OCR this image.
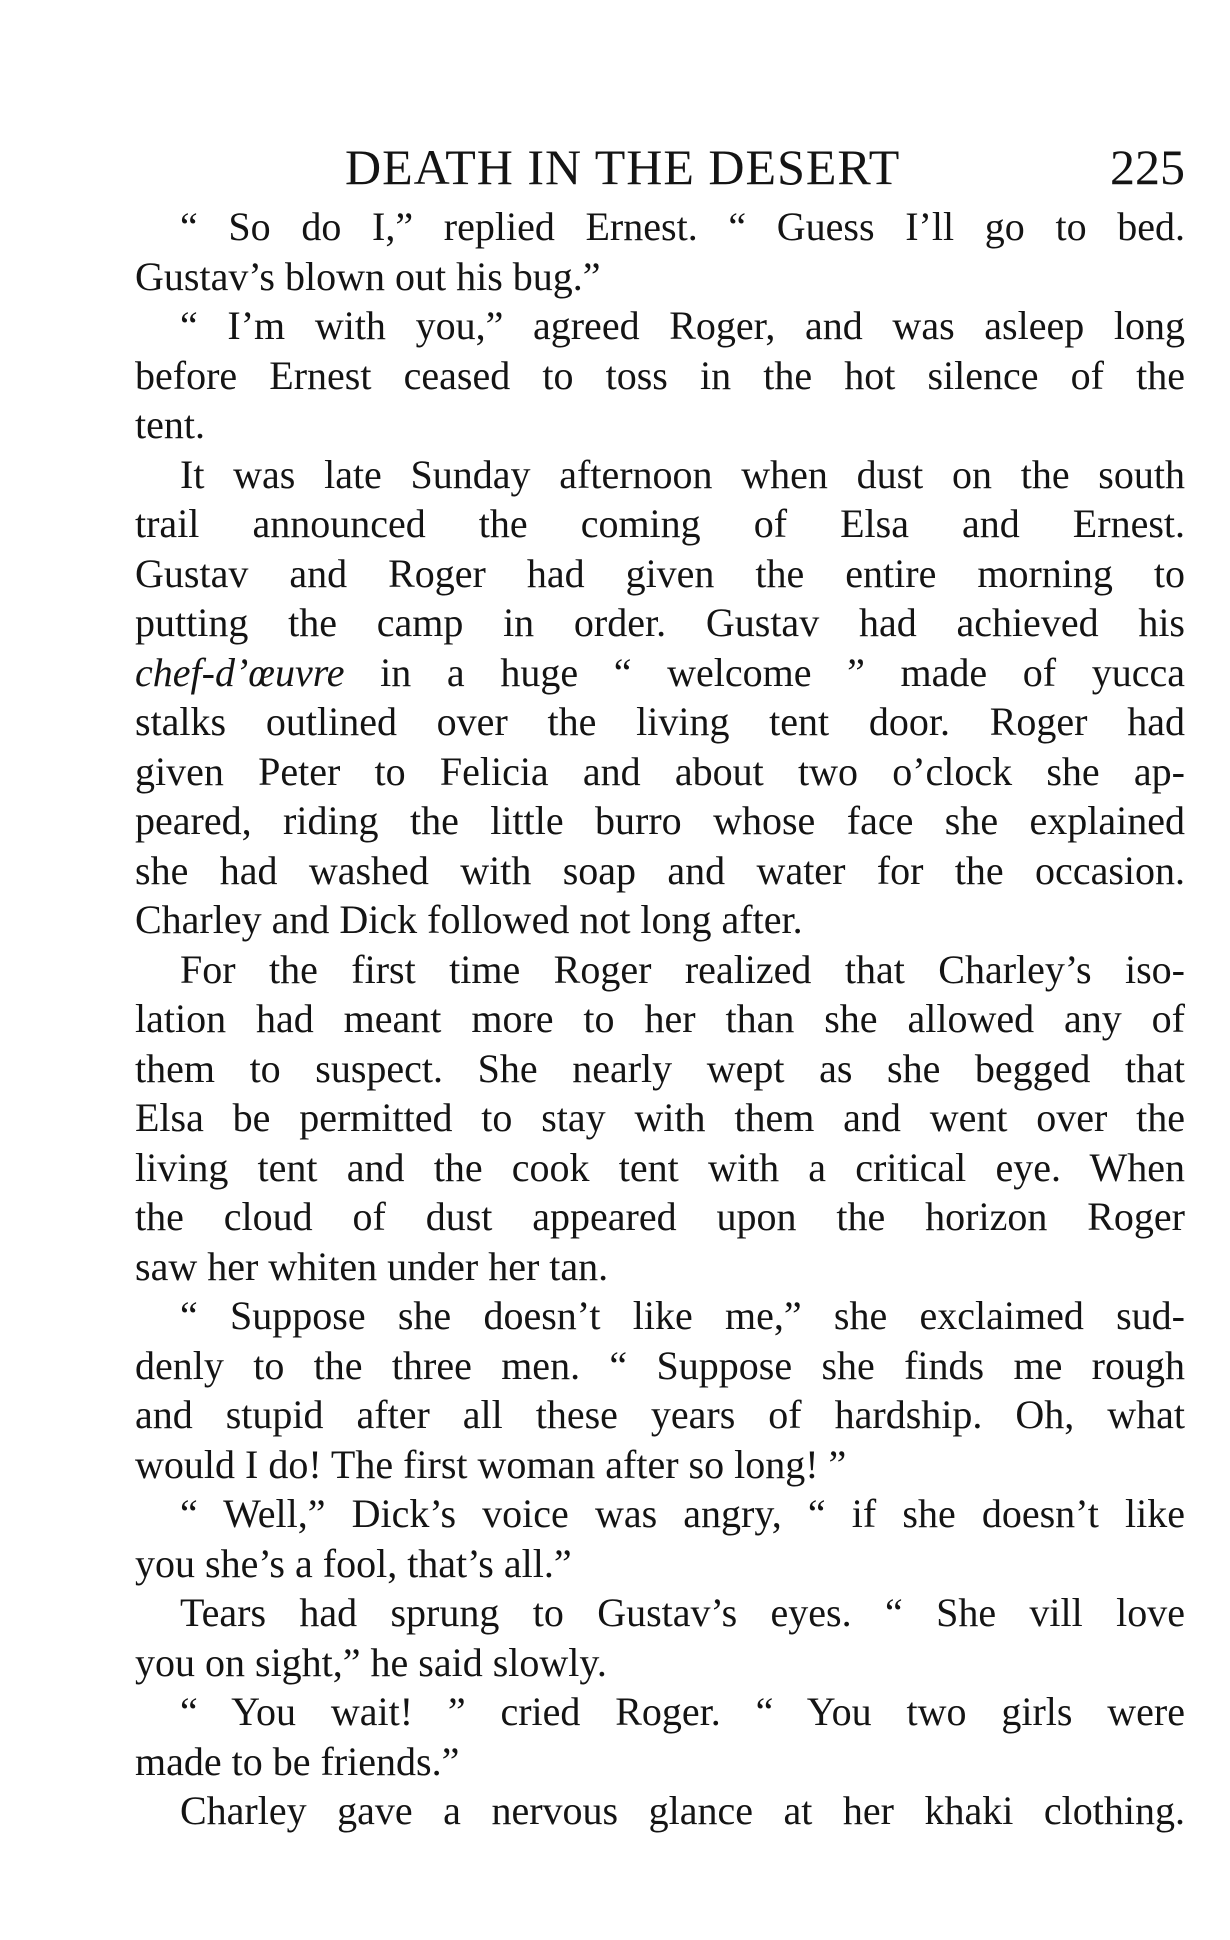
DEATH IN THE DESERT	225
“ So do I,” replied Ernest. “ Guess I’ll go to bed.
Gustav’s blown out his bug.”
“ I’m with you,” agreed Roger, and was asleep long
before Ernest ceased to toss in the hot silence of the
tent.
It was late Sunday afternoon when dust on the south
trail announced the coming of Elsa and Ernest.
Gustav and Roger had given the entire morning to
putting the camp in order. Gustav had achieved his
chef-d’œuvre in a huge “ welcome ” made of yucca
stalks outlined over the living tent door. Roger had
given Peter to Felicia and about two o’clock she ap-
peared, riding the little burro whose face she explained
she had washed with soap and water for the occasion.
Charley and Dick followed not long after.
For the first time Roger realized that Charley’s iso-
lation had meant more to her than she allowed any of
them to suspect. She nearly wept as she begged that
Elsa be permitted to stay with them and went over the
living tent and the cook tent with a critical eye. When
the cloud of dust appeared upon the horizon Roger
saw her whiten under her tan.
“ Suppose she doesn’t like me,” she exclaimed sud-
denly to the three men. “ Suppose she finds me rough
and stupid after all these years of hardship. Oh, what
would I do! The first woman after so long! ”
“ Well,” Dick’s voice was angry, “ if she doesn’t like
you she’s a fool, that’s all.”
Tears had sprung to Gustav’s eyes. “ She vill love
you on sight,” he said slowly.
“ You wait! ” cried Roger. “ You two girls were
made to be friends.”
Charley gave a nervous glance at her khaki clothing.
